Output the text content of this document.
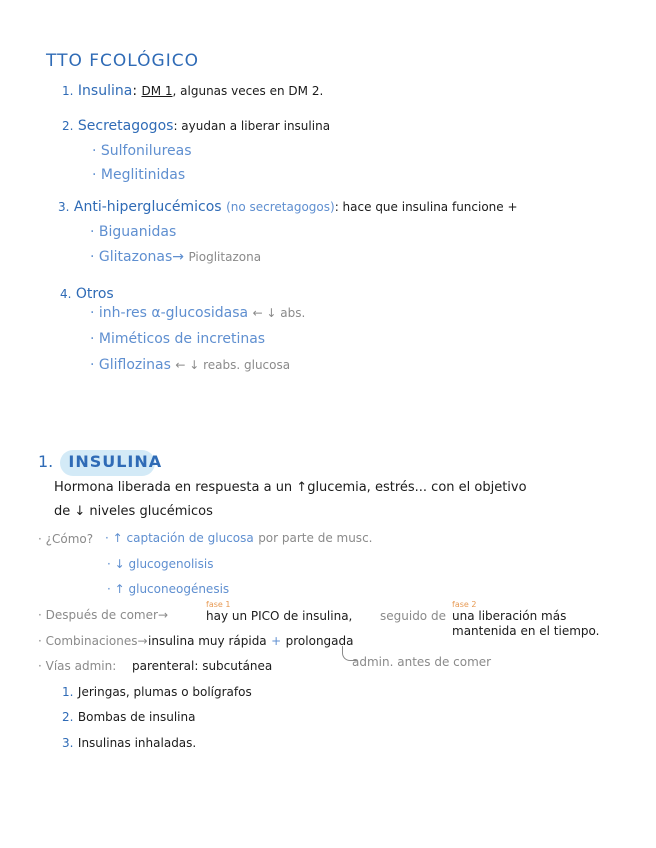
TTO FCOLÓGICO
1. Insulina: DM 1, algunas veces en DM 2.
2. Secretagogos: ayudan a liberar insulina
· Sulfonilureas
· Meglitinidas
3. Anti-hiperglucémicos (no secretagogos): hace que insulina funcione +
· Biguanidas
· Glitazonas→ Pioglitazona
4. Otros
· inh-res α-glucosidasa ← ↓ abs.
· Miméticos de incretinas
· Gliflozinas ← ↓ reabs. glucosa
1. INSULINA
Hormona liberada en respuesta a un ↑glucemia, estrés... con el objetivo
de ↓ niveles glucémicos
· ¿Cómo? · ↑ captación de glucosa por parte de musc.
· ↓ glucogenolisis
· ↑ gluconeogénesis
· Después de comer→
fase 1
hay un PICO de insulina, seguido de
fase 2
una liberación más
mantenida en el tiempo.
· Combinaciones→ insulina muy rápida + prolongada
· Vías admin: parenteral: subcutánea	admin. antes de comer
1. Jeringas, plumas o bolígrafos
2. Bombas de insulina
3. Insulinas inhaladas.
